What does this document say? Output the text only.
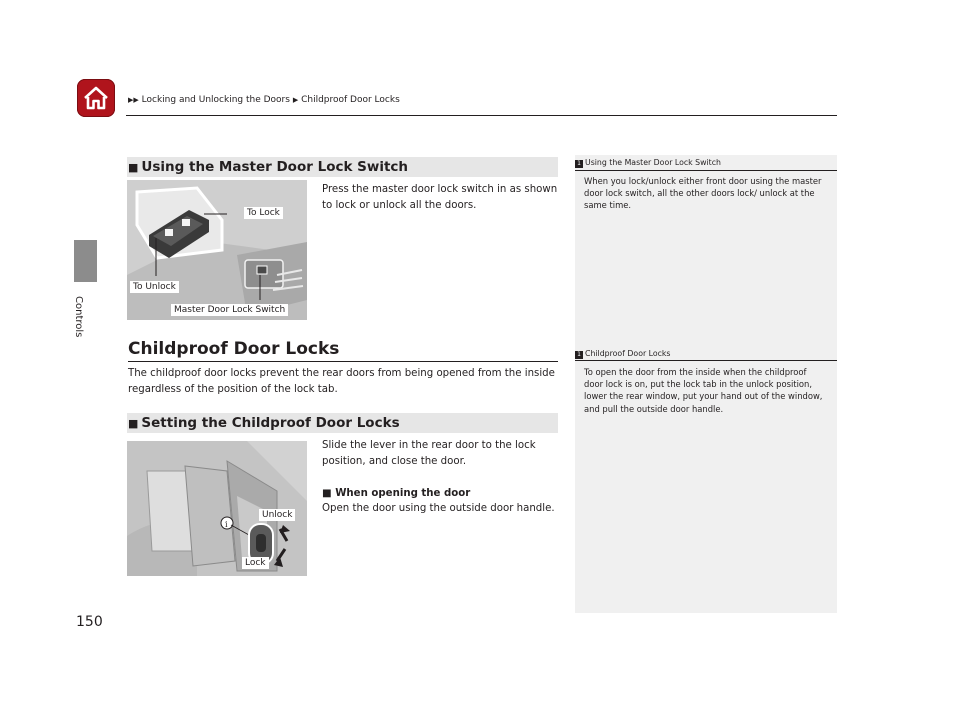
▶▶ Locking and Unlocking the Doors ▶ Childproof Door Locks
Controls
150
1 Using the Master Door Lock Switch
When you lock/unlock either front door using the master door lock switch, all the other doors lock/ unlock at the same time.
1 Childproof Door Locks
To open the door from the inside when the childproof door lock is on, put the lock tab in the unlock position, lower the rear window, put your hand out of the window, and pull the outside door handle.
■ Using the Master Door Lock Switch
To Lock
To Unlock
Master Door Lock Switch
Press the master door lock switch in as shown to lock or unlock all the doors.
Childproof Door Locks
The childproof door locks prevent the rear doors from being opened from the inside regardless of the position of the lock tab.
■ Setting the Childproof Door Locks
i
Unlock
Lock
Slide the lever in the rear door to the lock position, and close the door.
■ When opening the door
Open the door using the outside door handle.
